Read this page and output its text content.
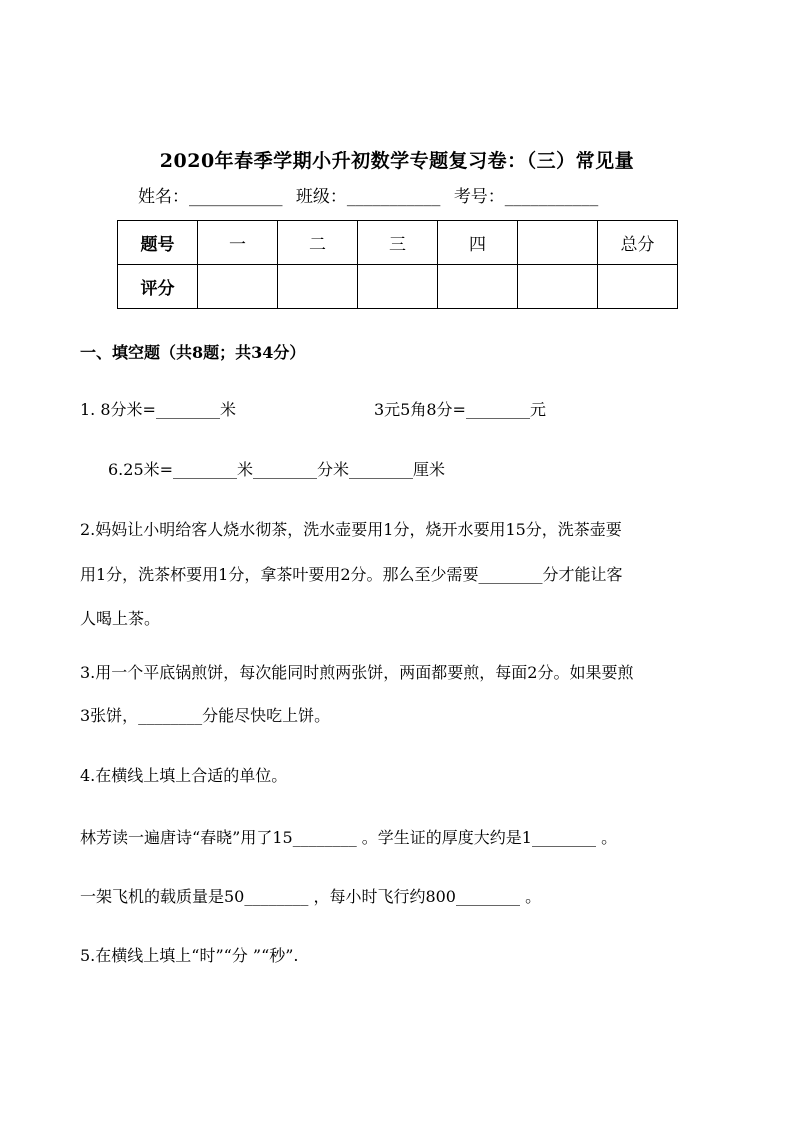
2020年春季学期小升初数学专题复习卷：（三）常见量
姓名：___________ 班级：___________ 考号：___________
题号	一	二	三	四		总分
评分						
一、填空题（共8题；共34分）
1. 8分米=________米	3元5角8分=________元
6.25米=________米________分米________厘米
2.妈妈让小明给客人烧水彻茶，洗水壶要用1分，烧开水要用15分，洗茶壶要
用1分，洗茶杯要用1分，拿茶叶要用2分。那么至少需要________分才能让客
人喝上茶。
3.用一个平底锅煎饼，每次能同时煎两张饼，两面都要煎，每面2分。如果要煎
3张饼，________分能尽快吃上饼。
4.在横线上填上合适的单位。
林芳读一遍唐诗“春晓”用了15________ 。学生证的厚度大约是1________ 。
一架飞机的载质量是50________ ，每小时飞行约800________ 。
5.在横线上填上“时”“分 ”“秒”.
